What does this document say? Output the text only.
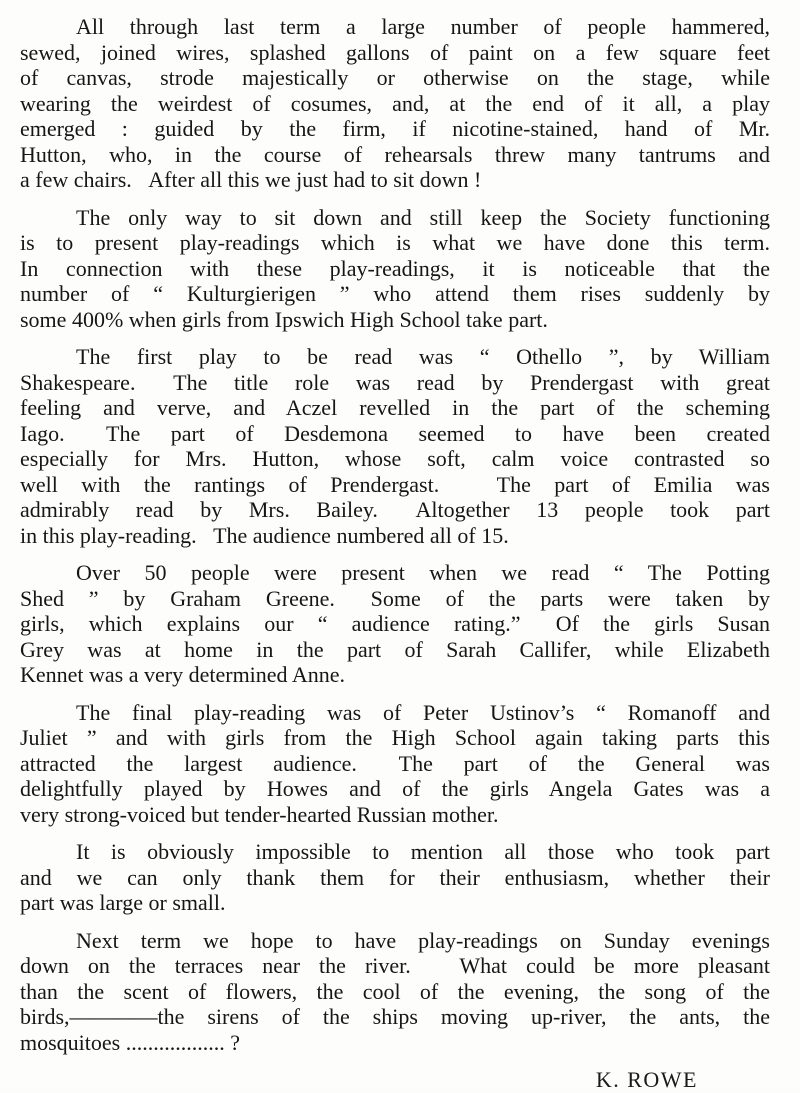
All through last term a large number of people hammered,
sewed, joined wires, splashed gallons of paint on a few square feet
of canvas, strode majestically or otherwise on the stage, while
wearing the weirdest of cosumes, and, at the end of it all, a play
emerged : guided by the firm, if nicotine-stained, hand of Mr.
Hutton, who, in the course of rehearsals threw many tantrums and
a few chairs.  After all this we just had to sit down !

The only way to sit down and still keep the Society functioning
is to present play-readings which is what we have done this term.
In connection with these play-readings, it is noticeable that the
number of “ Kulturgierigen ” who attend them rises suddenly by
some 400% when girls from Ipswich High School take part.

The first play to be read was “ Othello ”, by William
Shakespeare.  The title role was read by Prendergast with great
feeling and verve, and Aczel revelled in the part of the scheming
Iago.  The part of Desdemona seemed to have been created
especially for Mrs. Hutton, whose soft, calm voice contrasted so
well with the rantings of Prendergast.   The part of Emilia was
admirably read by Mrs. Bailey.  Altogether 13 people took part
in this play-reading.  The audience numbered all of 15.

Over 50 people were present when we read “ The Potting
Shed ” by Graham Greene.  Some of the parts were taken by
girls, which explains our “ audience rating.”  Of the girls Susan
Grey was at home in the part of Sarah Callifer, while Elizabeth
Kennet was a very determined Anne.

The final play-reading was of Peter Ustinov’s “ Romanoff and
Juliet ” and with girls from the High School again taking parts this
attracted the largest audience.  The part of the General was
delightfully played by Howes and of the girls Angela Gates was a
very strong-voiced but tender-hearted Russian mother.

It is obviously impossible to mention all those who took part
and we can only thank them for their enthusiasm, whether their
part was large or small.

Next term we hope to have play-readings on Sunday evenings
down on the terraces near the river.   What could be more pleasant
than the scent of flowers, the cool of the evening, the song of the
birds,————the sirens of the ships moving up-river, the ants, the
mosquitoes .................. ?

K. ROWE
